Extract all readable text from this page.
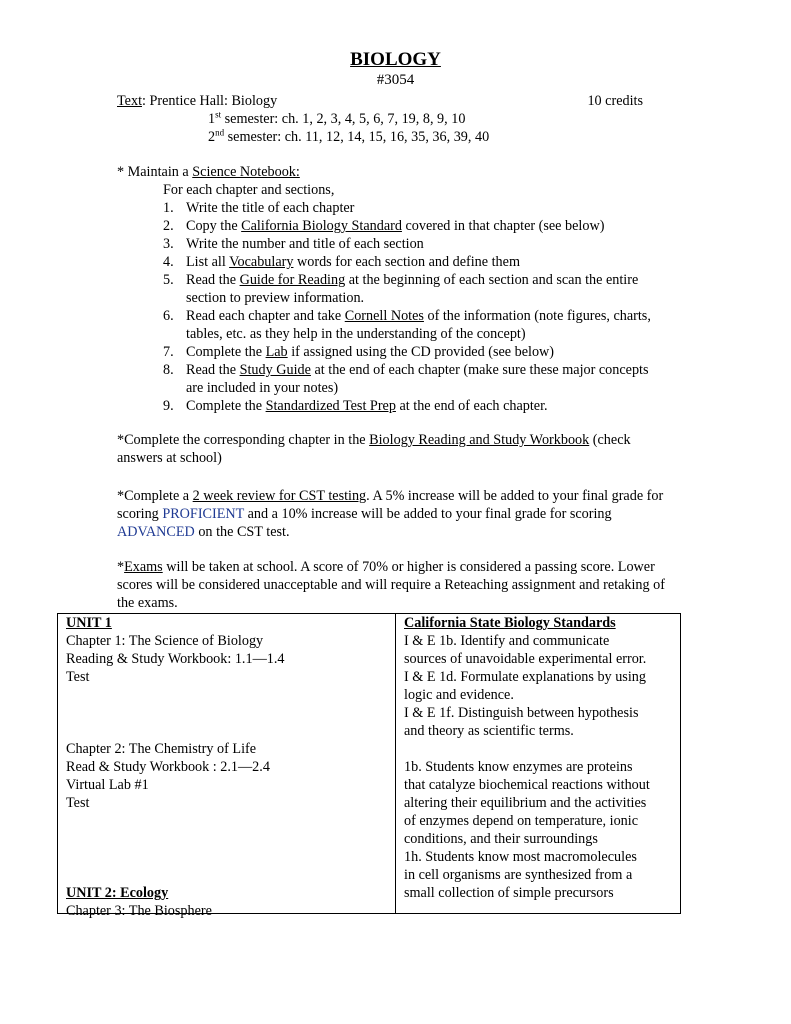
BIOLOGY
#3054
Text: Prentice Hall: Biology	10 credits
1st semester: ch. 1, 2, 3, 4, 5, 6, 7, 19, 8, 9, 10
2nd semester: ch. 11, 12, 14, 15, 16, 35, 36, 39, 40
* Maintain a Science Notebook:
For each chapter and sections,
1. Write the title of each chapter
2. Copy the California Biology Standard covered in that chapter (see below)
3. Write the number and title of each section
4. List all Vocabulary words for each section and define them
5. Read the Guide for Reading at the beginning of each section and scan the entire section to preview information.
6. Read each chapter and take Cornell Notes of the information (note figures, charts, tables, etc. as they help in the understanding of the concept)
7. Complete the Lab if assigned using the CD provided (see below)
8. Read the Study Guide at the end of each chapter (make sure these major concepts are included in your notes)
9. Complete the Standardized Test Prep at the end of each chapter.
*Complete the corresponding chapter in the Biology Reading and Study Workbook (check answers at school)
*Complete a 2 week review for CST testing. A 5% increase will be added to your final grade for scoring PROFICIENT and a 10% increase will be added to your final grade for scoring ADVANCED on the CST test.
*Exams will be taken at school. A score of 70% or higher is considered a passing score. Lower scores will be considered unacceptable and will require a Reteaching assignment and retaking of the exams.
UNIT 1
Chapter 1: The Science of Biology
Reading & Study Workbook: 1.1—1.4
Test

Chapter 2: The Chemistry of Life
Read & Study Workbook : 2.1—2.4
Virtual Lab #1
Test

UNIT 2: Ecology
Chapter 3: The Biosphere
California State Biology Standards
I & E 1b. Identify and communicate
sources of unavoidable experimental error.
I & E 1d. Formulate explanations by using
logic and evidence.
I & E 1f. Distinguish between hypothesis
and theory as scientific terms.

1b. Students know enzymes are proteins
that catalyze biochemical reactions without
altering their equilibrium and the activities
of enzymes depend on temperature, ionic
conditions, and their surroundings
1h. Students know most macromolecules
in cell organisms are synthesized from a
small collection of simple precursors
